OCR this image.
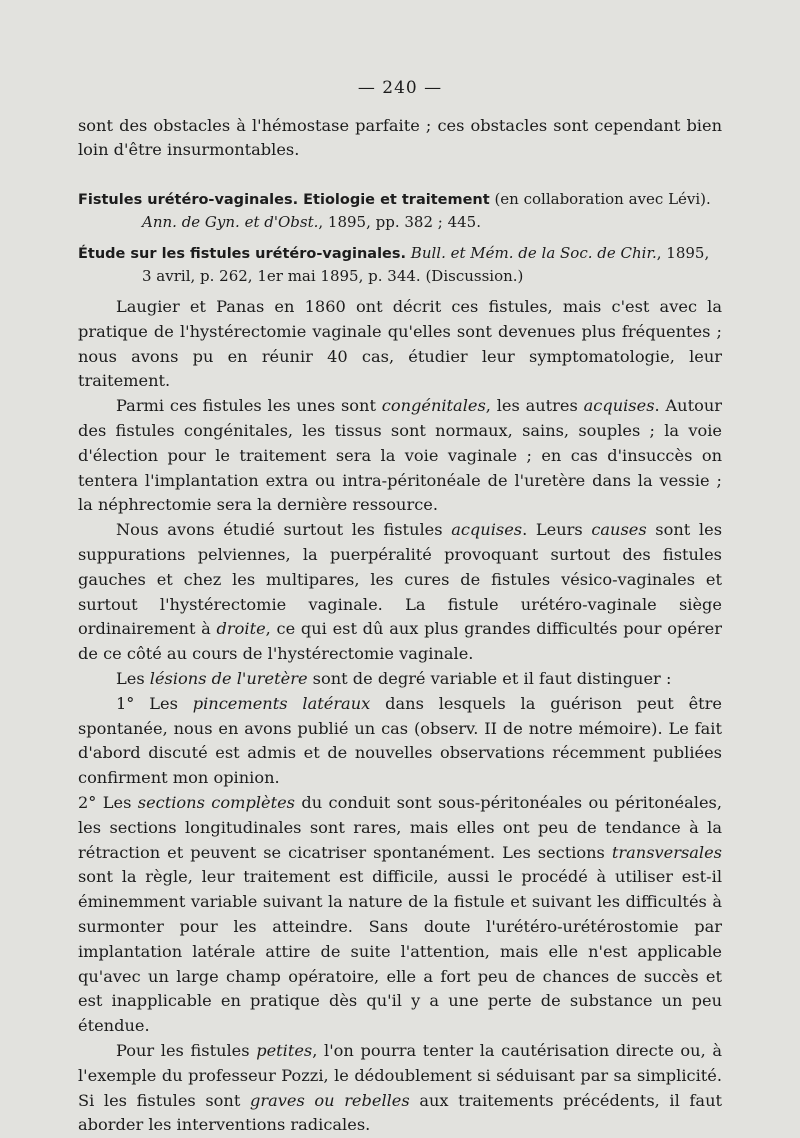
— 240 —
sont des obstacles à l'hémostase parfaite ; ces obstacles sont cependant bien loin d'être insurmontables.
Fistules urétéro-vaginales. Etiologie et traitement (en collaboration avec Lévi). Ann. de Gyn. et d'Obst., 1895, pp. 382 ; 445.
Étude sur les fistules urétéro-vaginales. Bull. et Mém. de la Soc. de Chir., 1895, 3 avril, p. 262, 1er mai 1895, p. 344. (Discussion.)

Laugier et Panas en 1860 ont décrit ces fistules, mais c'est avec la pratique de l'hystérectomie vaginale qu'elles sont devenues plus fréquentes ; nous avons pu en réunir 40 cas, étudier leur symptomatologie, leur traitement.

Parmi ces fistules les unes sont congénitales, les autres acquises. Autour des fistules congénitales, les tissus sont normaux, sains, souples ; la voie d'élection pour le traitement sera la voie vaginale ; en cas d'insuccès on tentera l'implantation extra ou intra-péritonéale de l'uretère dans la vessie ; la néphrectomie sera la dernière ressource.

Nous avons étudié surtout les fistules acquises. Leurs causes sont les suppurations pelviennes, la puerpéralité provoquant surtout des fistules gauches et chez les multipares, les cures de fistules vésico-vaginales et surtout l'hystérectomie vaginale. La fistule urétéro-vaginale siège ordinairement à droite, ce qui est dû aux plus grandes difficultés pour opérer de ce côté au cours de l'hystérectomie vaginale.

Les lésions de l'uretère sont de degré variable et il faut distinguer :

1° Les pincements latéraux dans lesquels la guérison peut être spontanée, nous en avons publié un cas (observ. II de notre mémoire). Le fait d'abord discuté est admis et de nouvelles observations récemment publiées confirment mon opinion.

2° Les sections complètes du conduit sont sous-péritonéales ou péritonéales, les sections longitudinales sont rares, mais elles ont peu de tendance à la rétraction et peuvent se cicatriser spontanément. Les sections transversales sont la règle, leur traitement est difficile, aussi le procédé à utiliser est-il éminemment variable suivant la nature de la fistule et suivant les difficultés à surmonter pour les atteindre. Sans doute l'urétéro-urétérostomie par implantation latérale attire de suite l'attention, mais elle n'est applicable qu'avec un large champ opératoire, elle a fort peu de chances de succès et est inapplicable en pratique dès qu'il y a une perte de substance un peu étendue.

Pour les fistules petites, l'on pourra tenter la cautérisation directe ou, à l'exemple du professeur Pozzi, le dédoublement si séduisant par sa simplicité. Si les fistules sont graves ou rebelles aux traitements précédents, il faut aborder les interventions radicales.
